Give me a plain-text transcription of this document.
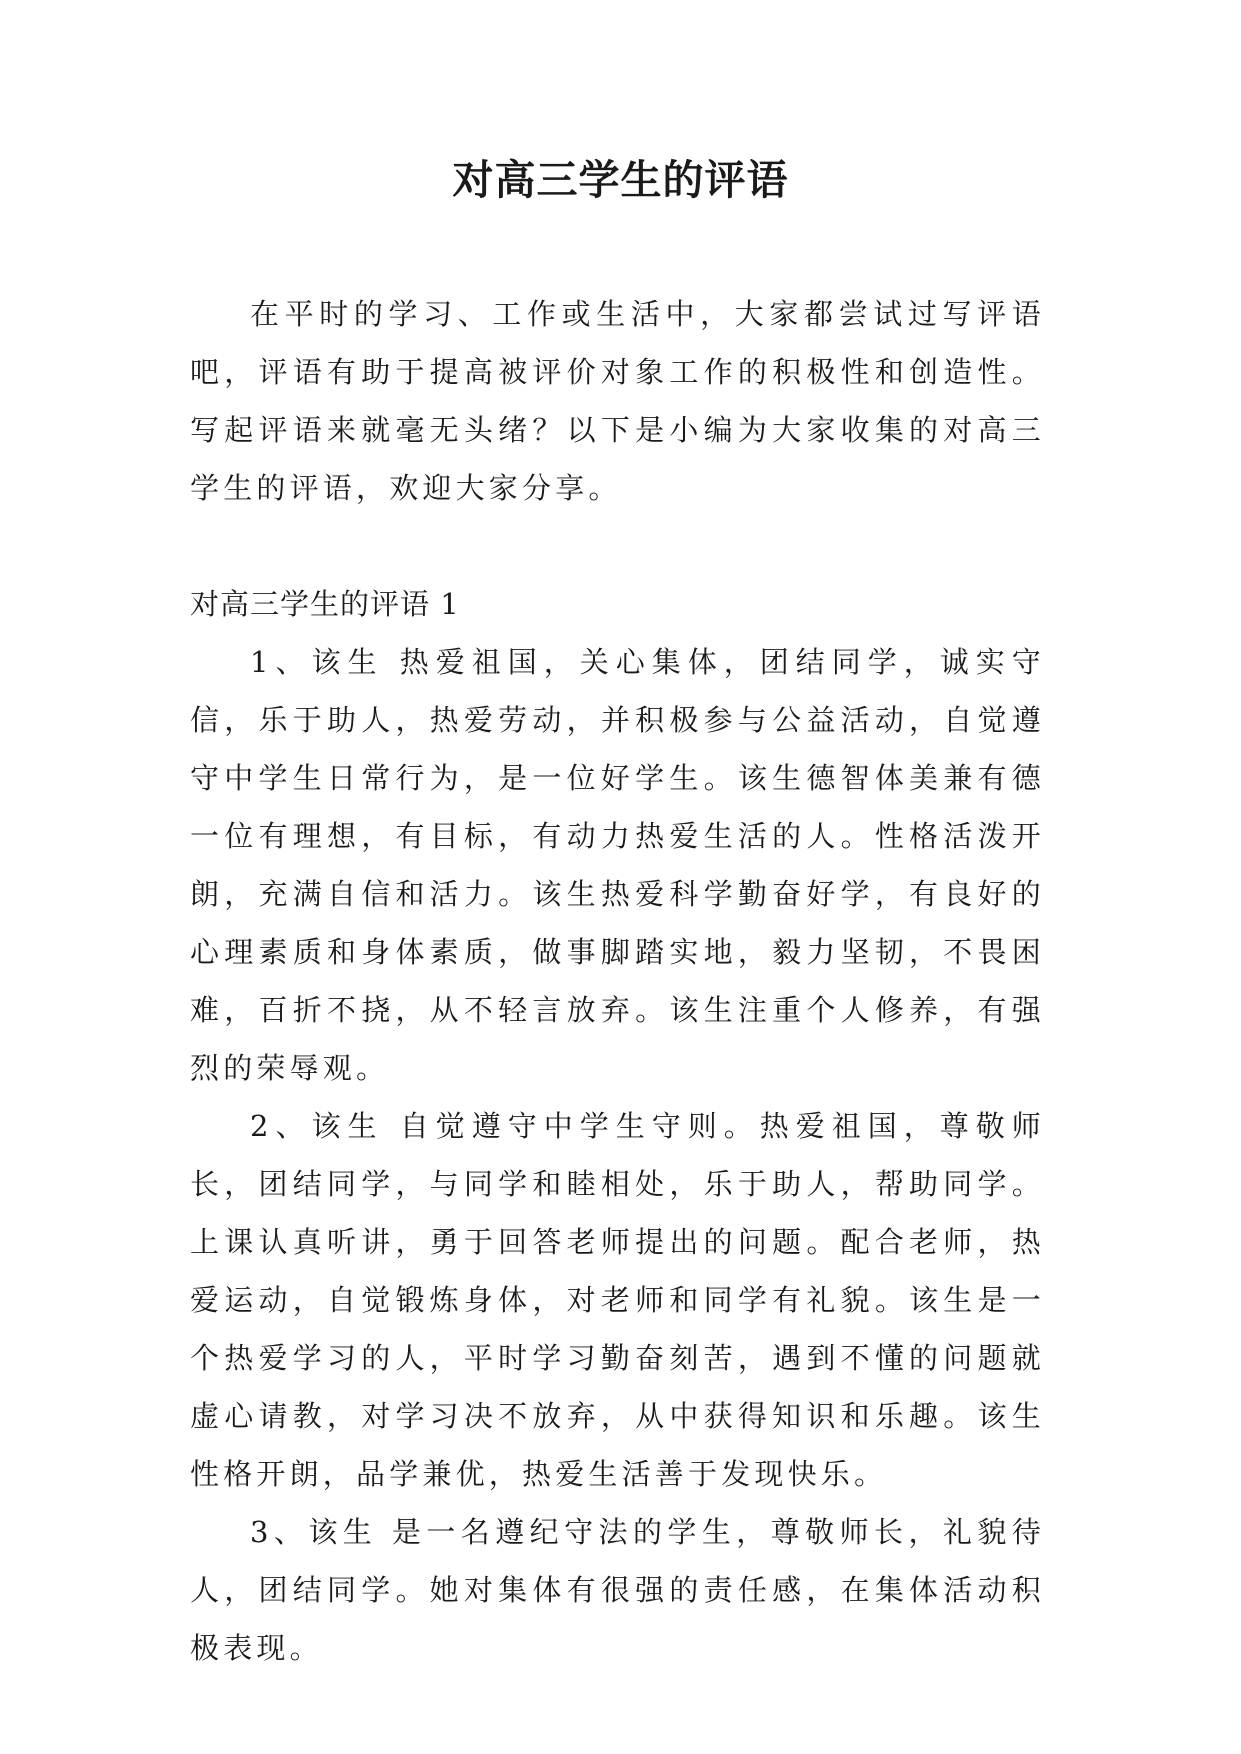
对高三学生的评语

在平时的学习、工作或生活中，大家都尝试过写评语吧，评语有助于提高被评价对象工作的积极性和创造性。写起评语来就毫无头绪？以下是小编为大家收集的对高三学生的评语，欢迎大家分享。

对高三学生的评语 1

1、该生 热爱祖国，关心集体，团结同学，诚实守信，乐于助人，热爱劳动，并积极参与公益活动，自觉遵守中学生日常行为，是一位好学生。该生德智体美兼有德一位有理想，有目标，有动力热爱生活的人。性格活泼开朗，充满自信和活力。该生热爱科学勤奋好学，有良好的心理素质和身体素质，做事脚踏实地，毅力坚韧，不畏困难，百折不挠，从不轻言放弃。该生注重个人修养，有强烈的荣辱观。

2、该生 自觉遵守中学生守则。热爱祖国，尊敬师长，团结同学，与同学和睦相处，乐于助人，帮助同学。上课认真听讲，勇于回答老师提出的问题。配合老师，热爱运动，自觉锻炼身体，对老师和同学有礼貌。该生是一个热爱学习的人，平时学习勤奋刻苦，遇到不懂的问题就虚心请教，对学习决不放弃，从中获得知识和乐趣。该生性格开朗，品学兼优，热爱生活善于发现快乐。

3、该生 是一名遵纪守法的学生，尊敬师长，礼貌待人，团结同学。她对集体有很强的责任感，在集体活动积极表现。
